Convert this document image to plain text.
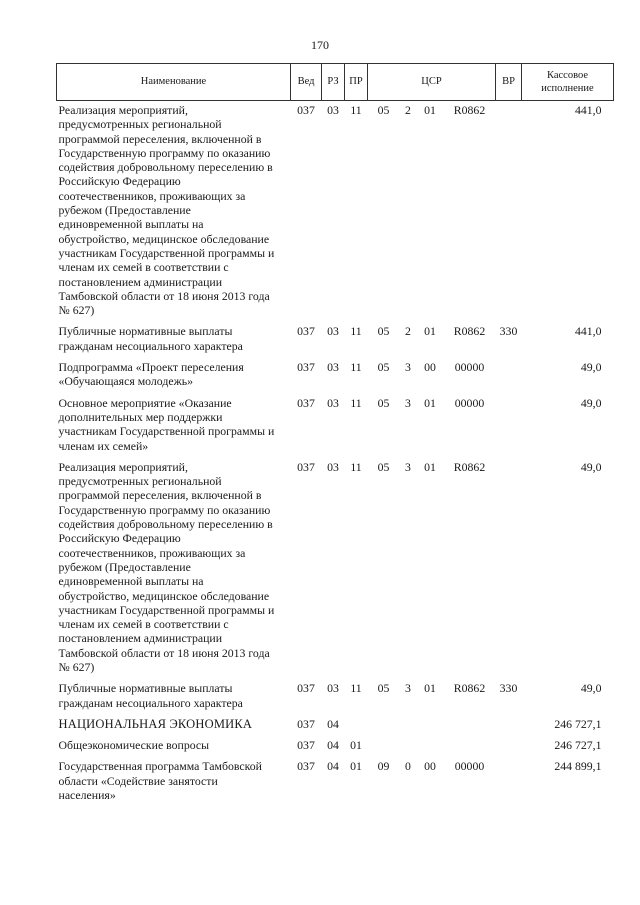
170
Наименование	Вед	РЗ	ПР	ЦСР				ВР	Кассовое исполнение
Реализация мероприятий, предусмотренных региональной программой переселения, включенной в Государственную программу по оказанию содействия добровольному переселению в Российскую Федерацию соотечественников, проживающих за рубежом (Предоставление единовременной выплаты на обустройство, медицинское обследование участникам Государственной программы и членам их семей в соответствии с постановлением администрации Тамбовской области от 18 июня 2013 года № 627)	037	03	11	05	2	01	R0862		441,0
Публичные нормативные выплаты гражданам несоциального характера	037	03	11	05	2	01	R0862	330	441,0
Подпрограмма «Проект переселения «Обучающаяся молодежь»	037	03	11	05	3	00	00000		49,0
Основное мероприятие «Оказание дополнительных мер поддержки участникам Государственной программы и членам их семей»	037	03	11	05	3	01	00000		49,0
Реализация мероприятий, предусмотренных региональной программой переселения, включенной в Государственную программу по оказанию содействия добровольному переселению в Российскую Федерацию соотечественников, проживающих за рубежом (Предоставление единовременной выплаты на обустройство, медицинское обследование участникам Государственной программы и членам их семей в соответствии с постановлением администрации Тамбовской области от 18 июня 2013 года № 627)	037	03	11	05	3	01	R0862		49,0
Публичные нормативные выплаты гражданам несоциального характера	037	03	11	05	3	01	R0862	330	49,0
НАЦИОНАЛЬНАЯ ЭКОНОМИКА	037	04							246 727,1
Общеэкономические вопросы	037	04	01						246 727,1
Государственная программа Тамбовской области «Содействие занятости населения»	037	04	01	09	0	00	00000		244 899,1
